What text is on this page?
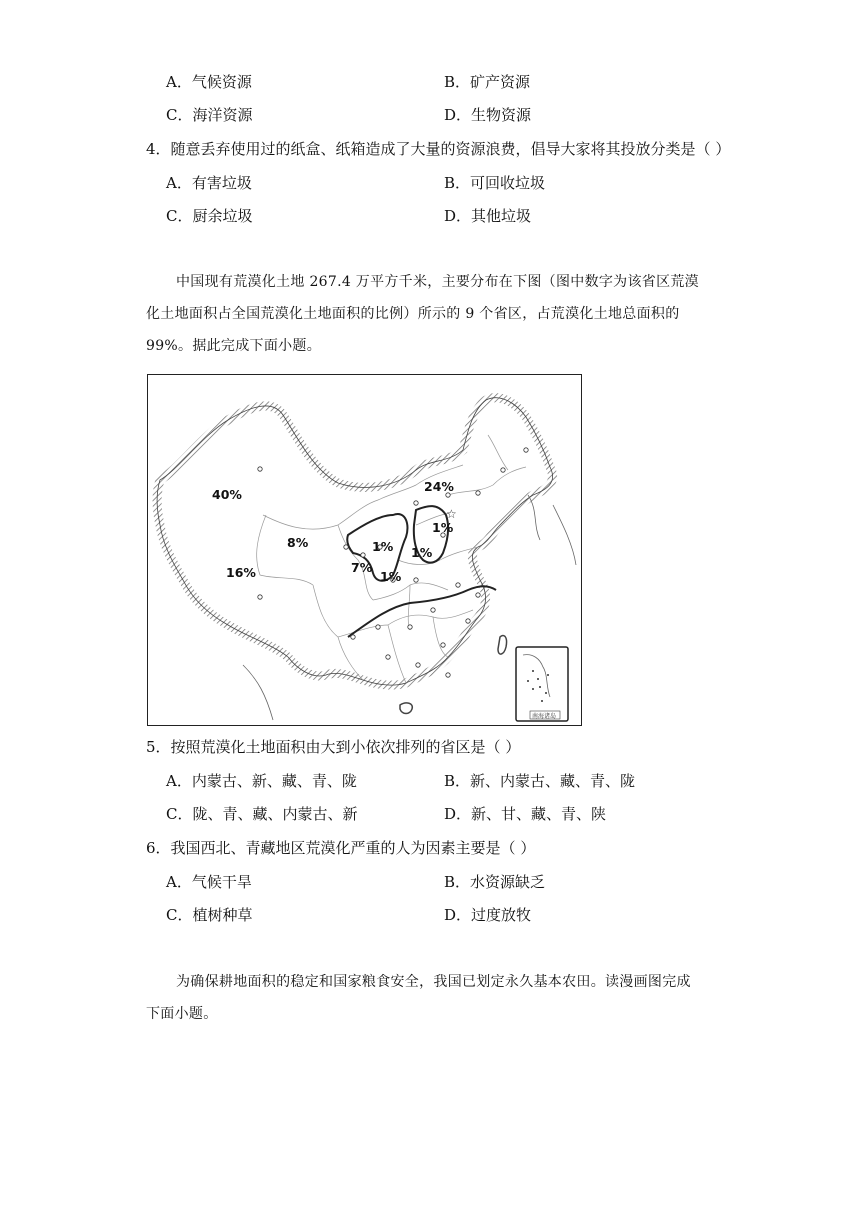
A．气候资源	B．矿产资源
C．海洋资源	D．生物资源
4．随意丢弃使用过的纸盒、纸箱造成了大量的资源浪费，倡导大家将其投放分类是（ ）
A．有害垃圾	B．可回收垃圾
C．厨余垃圾	D．其他垃圾
中国现有荒漠化土地 267.4 万平方千米，主要分布在下图（图中数字为该省区荒漠
化土地面积占全国荒漠化土地面积的比例）所示的 9 个省区，占荒漠化土地总面积的
99%。据此完成下面小题。
40%
24%
8%
16%	7%
1%
1%
1%
1%
☆
南海诸岛
5．按照荒漠化土地面积由大到小依次排列的省区是（ ）
A．内蒙古、新、藏、青、陇	B．新、内蒙古、藏、青、陇
C．陇、青、藏、内蒙古、新	D．新、甘、藏、青、陕
6．我国西北、青藏地区荒漠化严重的人为因素主要是（ ）
A．气候干旱	B．水资源缺乏
C．植树种草	D．过度放牧
为确保耕地面积的稳定和国家粮食安全，我国已划定永久基本农田。读漫画图完成
下面小题。
